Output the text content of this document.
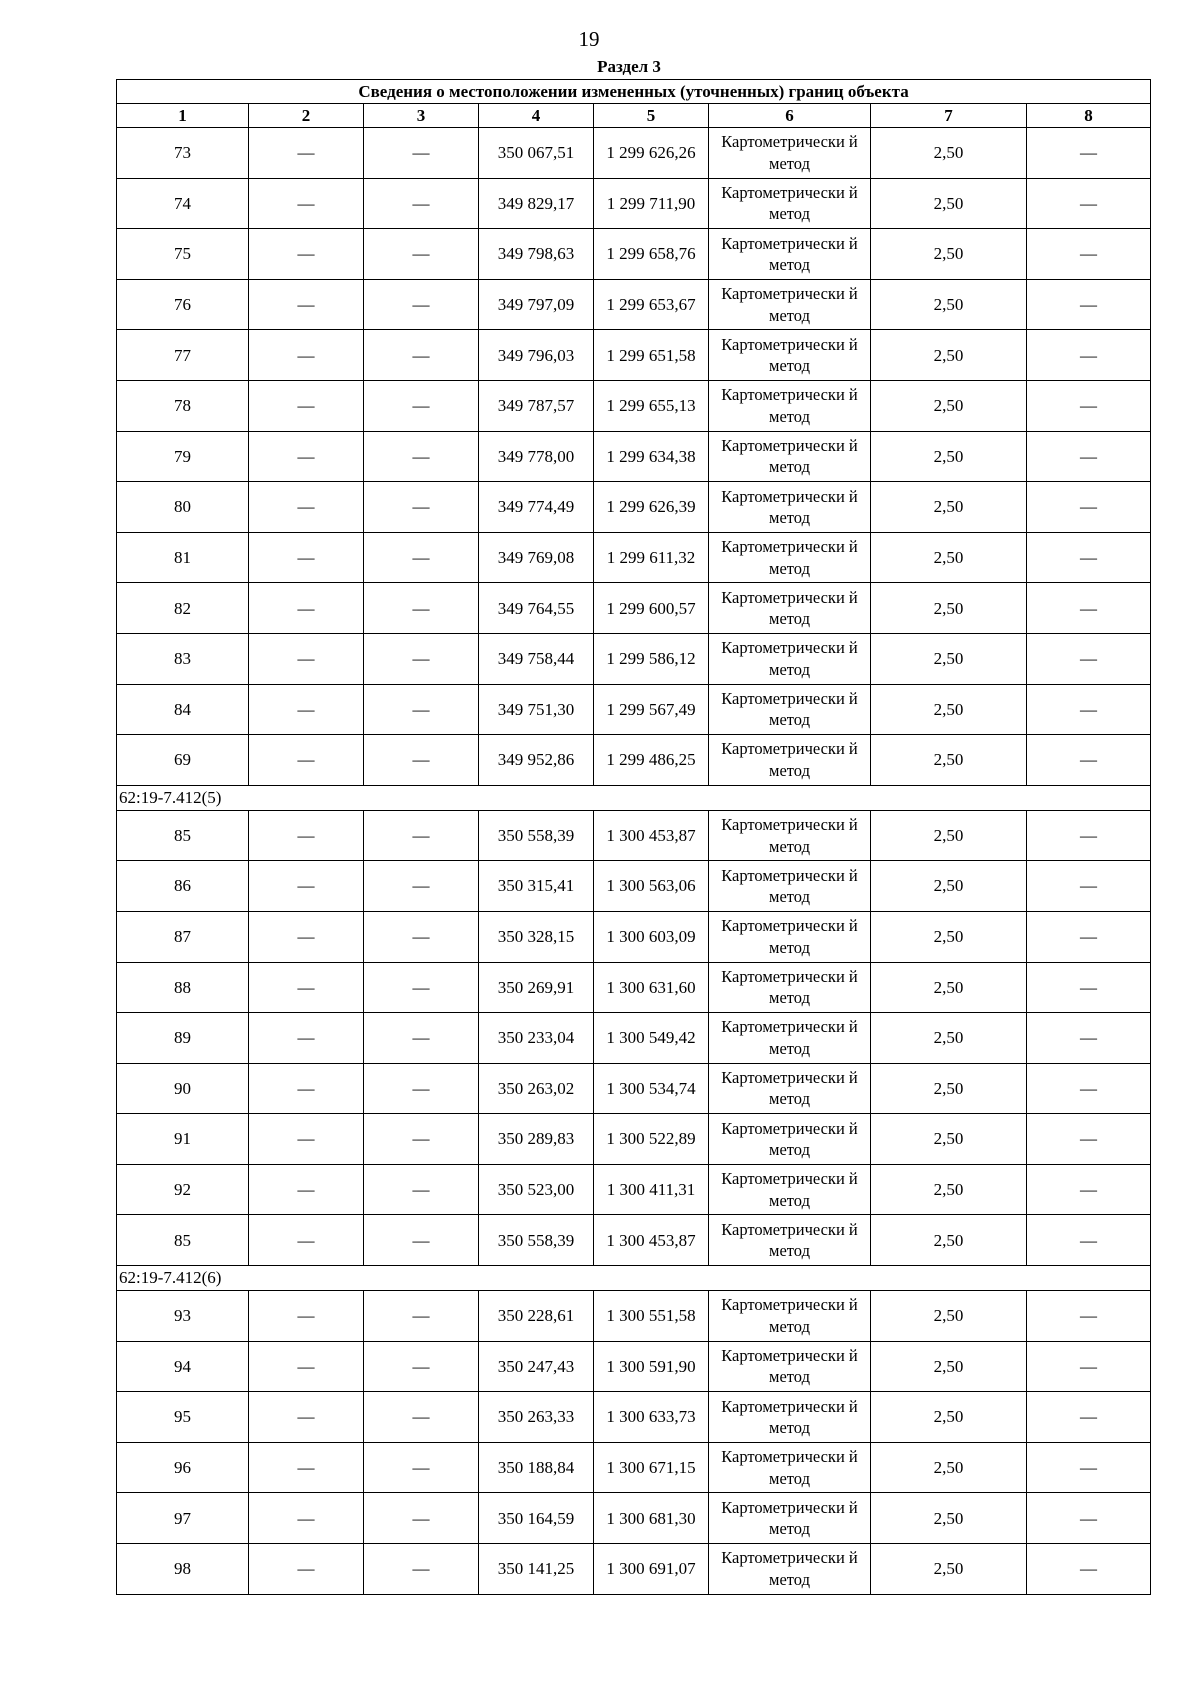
19
Раздел 3
Сведения о местоположении измененных (уточненных) границ объекта							
1	2	3	4	5	6	7	8
73	—	—	350 067,51	1 299 626,26	Картометрически й метод	2,50	—
74	—	—	349 829,17	1 299 711,90	Картометрически й метод	2,50	—
75	—	—	349 798,63	1 299 658,76	Картометрически й метод	2,50	—
76	—	—	349 797,09	1 299 653,67	Картометрически й метод	2,50	—
77	—	—	349 796,03	1 299 651,58	Картометрически й метод	2,50	—
78	—	—	349 787,57	1 299 655,13	Картометрически й метод	2,50	—
79	—	—	349 778,00	1 299 634,38	Картометрически й метод	2,50	—
80	—	—	349 774,49	1 299 626,39	Картометрически й метод	2,50	—
81	—	—	349 769,08	1 299 611,32	Картометрически й метод	2,50	—
82	—	—	349 764,55	1 299 600,57	Картометрически й метод	2,50	—
83	—	—	349 758,44	1 299 586,12	Картометрически й метод	2,50	—
84	—	—	349 751,30	1 299 567,49	Картометрически й метод	2,50	—
69	—	—	349 952,86	1 299 486,25	Картометрически й метод	2,50	—
62:19-7.412(5)							
85	—	—	350 558,39	1 300 453,87	Картометрически й метод	2,50	—
86	—	—	350 315,41	1 300 563,06	Картометрически й метод	2,50	—
87	—	—	350 328,15	1 300 603,09	Картометрически й метод	2,50	—
88	—	—	350 269,91	1 300 631,60	Картометрически й метод	2,50	—
89	—	—	350 233,04	1 300 549,42	Картометрически й метод	2,50	—
90	—	—	350 263,02	1 300 534,74	Картометрически й метод	2,50	—
91	—	—	350 289,83	1 300 522,89	Картометрически й метод	2,50	—
92	—	—	350 523,00	1 300 411,31	Картометрически й метод	2,50	—
85	—	—	350 558,39	1 300 453,87	Картометрически й метод	2,50	—
62:19-7.412(6)							
93	—	—	350 228,61	1 300 551,58	Картометрически й метод	2,50	—
94	—	—	350 247,43	1 300 591,90	Картометрически й метод	2,50	—
95	—	—	350 263,33	1 300 633,73	Картометрически й метод	2,50	—
96	—	—	350 188,84	1 300 671,15	Картометрически й метод	2,50	—
97	—	—	350 164,59	1 300 681,30	Картометрически й метод	2,50	—
98	—	—	350 141,25	1 300 691,07	Картометрически й метод	2,50	—
